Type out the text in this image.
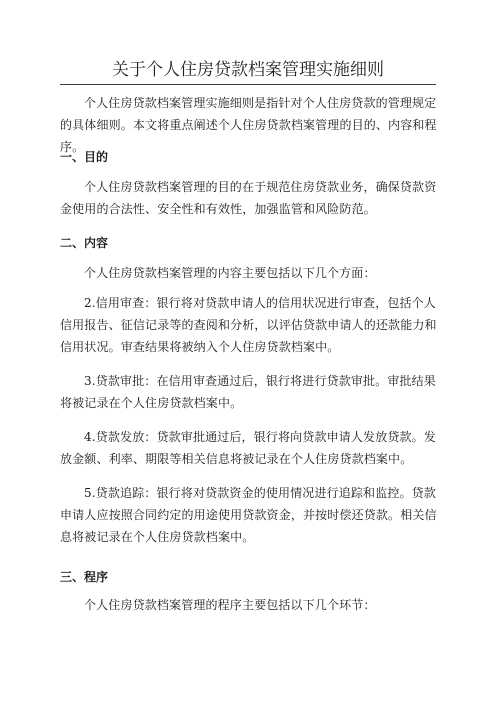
关于个人住房贷款档案管理实施细则

个人住房贷款档案管理实施细则是指针对个人住房贷款的管理规定的具体细则。本文将重点阐述个人住房贷款档案管理的目的、内容和程序。

一、目的

个人住房贷款档案管理的目的在于规范住房贷款业务，确保贷款资金使用的合法性、安全性和有效性，加强监管和风险防范。

二、内容

个人住房贷款档案管理的内容主要包括以下几个方面：

2.信用审查：银行将对贷款申请人的信用状况进行审查，包括个人信用报告、征信记录等的查阅和分析，以评估贷款申请人的还款能力和信用状况。审查结果将被纳入个人住房贷款档案中。

3.贷款审批：在信用审查通过后，银行将进行贷款审批。审批结果将被记录在个人住房贷款档案中。

4.贷款发放：贷款审批通过后，银行将向贷款申请人发放贷款。发放金额、利率、期限等相关信息将被记录在个人住房贷款档案中。

5.贷款追踪：银行将对贷款资金的使用情况进行追踪和监控。贷款申请人应按照合同约定的用途使用贷款资金，并按时偿还贷款。相关信息将被记录在个人住房贷款档案中。

三、程序

个人住房贷款档案管理的程序主要包括以下几个环节：
